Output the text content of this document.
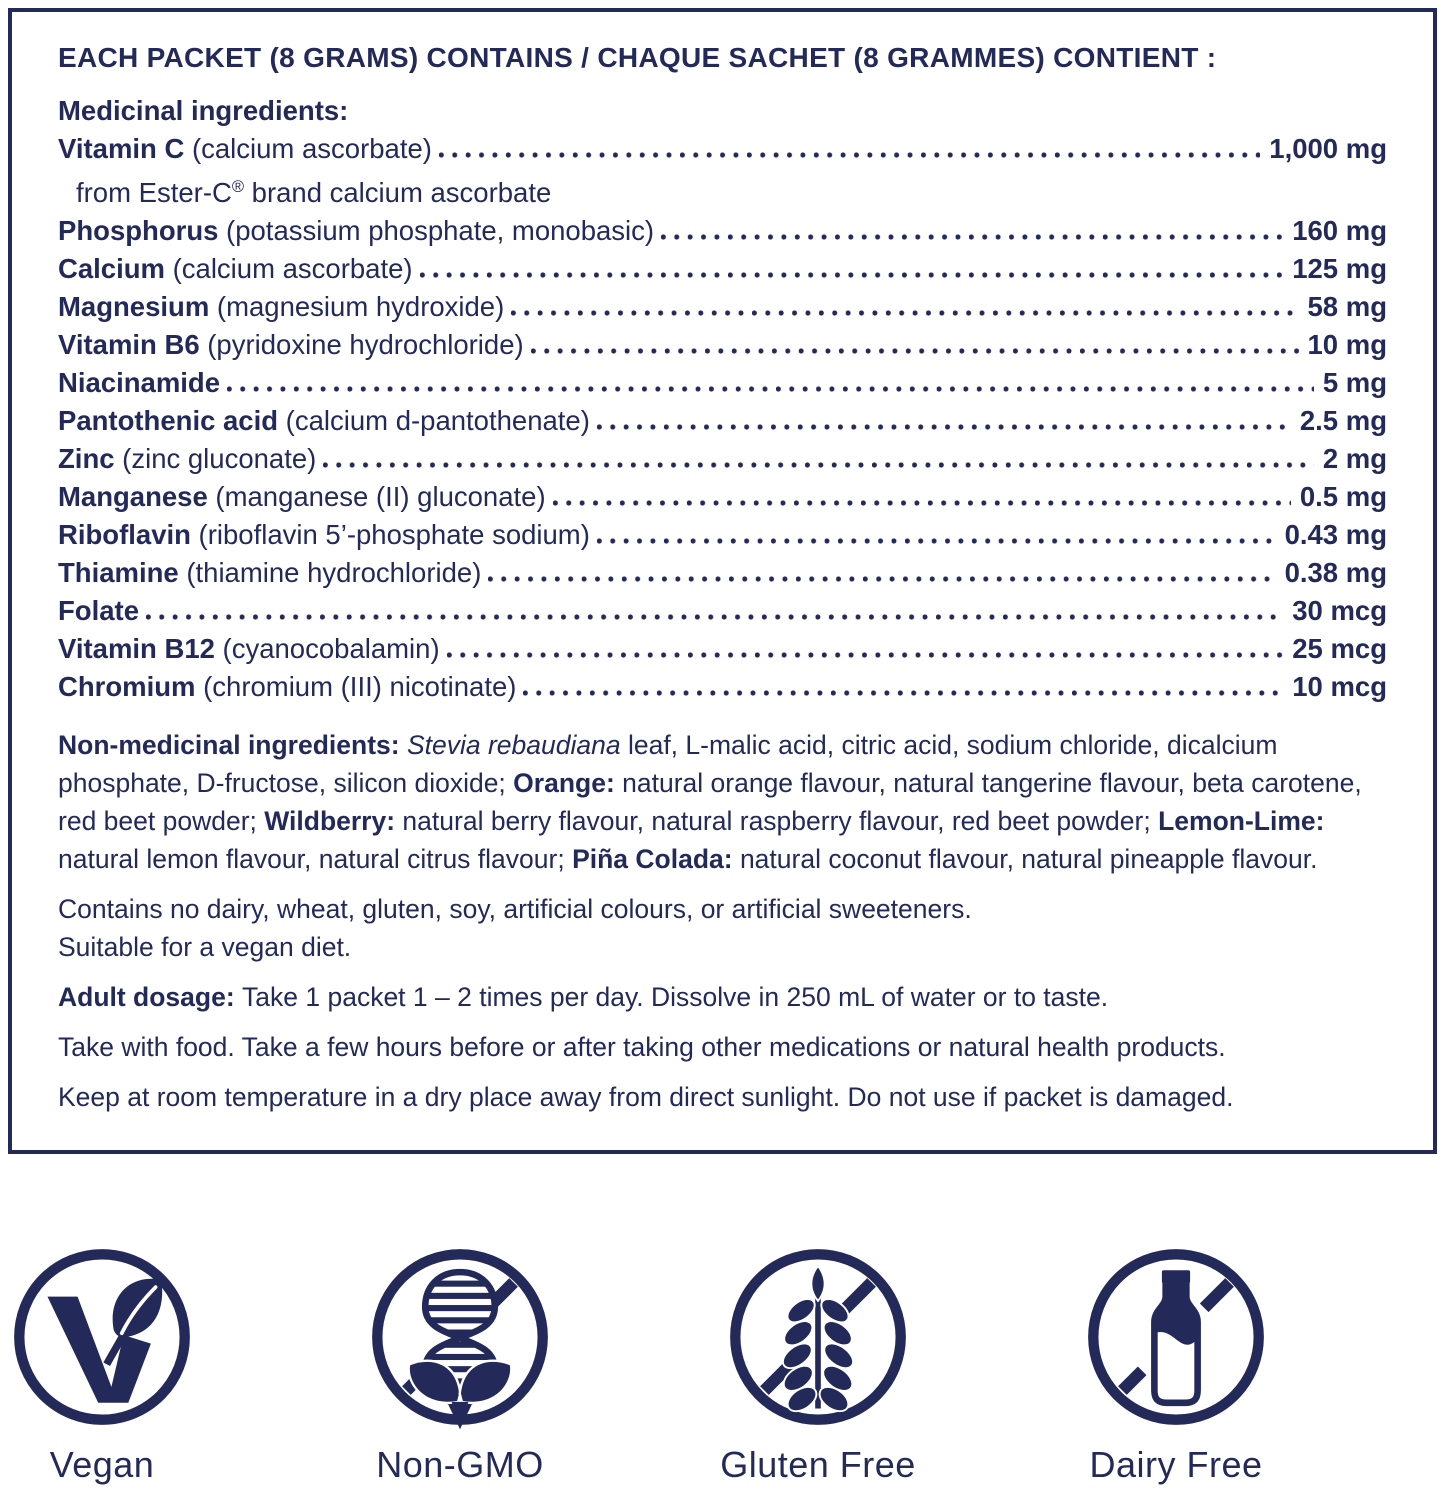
EACH PACKET (8 GRAMS) CONTAINS / CHAQUE SACHET (8 GRAMMES) CONTIENT :
Medicinal ingredients:
Vitamin C (calcium ascorbate)	1,000 mg
from Ester-C® brand calcium ascorbate
Phosphorus (potassium phosphate, monobasic)	160 mg
Calcium (calcium ascorbate)	125 mg
Magnesium (magnesium hydroxide)	58 mg
Vitamin B6 (pyridoxine hydrochloride)	10 mg
Niacinamide	5 mg
Pantothenic acid (calcium d-pantothenate)	2.5 mg
Zinc (zinc gluconate)	2 mg
Manganese (manganese (II) gluconate)	0.5 mg
Riboflavin (riboflavin 5’-phosphate sodium)	0.43 mg
Thiamine (thiamine hydrochloride)	0.38 mg
Folate	30 mcg
Vitamin B12 (cyanocobalamin)	25 mcg
Chromium (chromium (III) nicotinate)	10 mcg
Non-medicinal ingredients: Stevia rebaudiana leaf, L-malic acid, citric acid, sodium chloride, dicalcium phosphate, D-fructose, silicon dioxide; Orange: natural orange flavour, natural tangerine flavour, beta carotene, red beet powder; Wildberry: natural berry flavour, natural raspberry flavour, red beet powder; Lemon-Lime: natural lemon flavour, natural citrus flavour; Piña Colada: natural coconut flavour, natural pineapple flavour.
Contains no dairy, wheat, gluten, soy, artificial colours, or artificial sweeteners.
Suitable for a vegan diet.
Adult dosage: Take 1 packet 1 – 2 times per day. Dissolve in 250 mL of water or to taste.
Take with food. Take a few hours before or after taking other medications or natural health products.
Keep at room temperature in a dry place away from direct sunlight. Do not use if packet is damaged.
Vegan	Non-GMO	Gluten Free	Dairy Free
